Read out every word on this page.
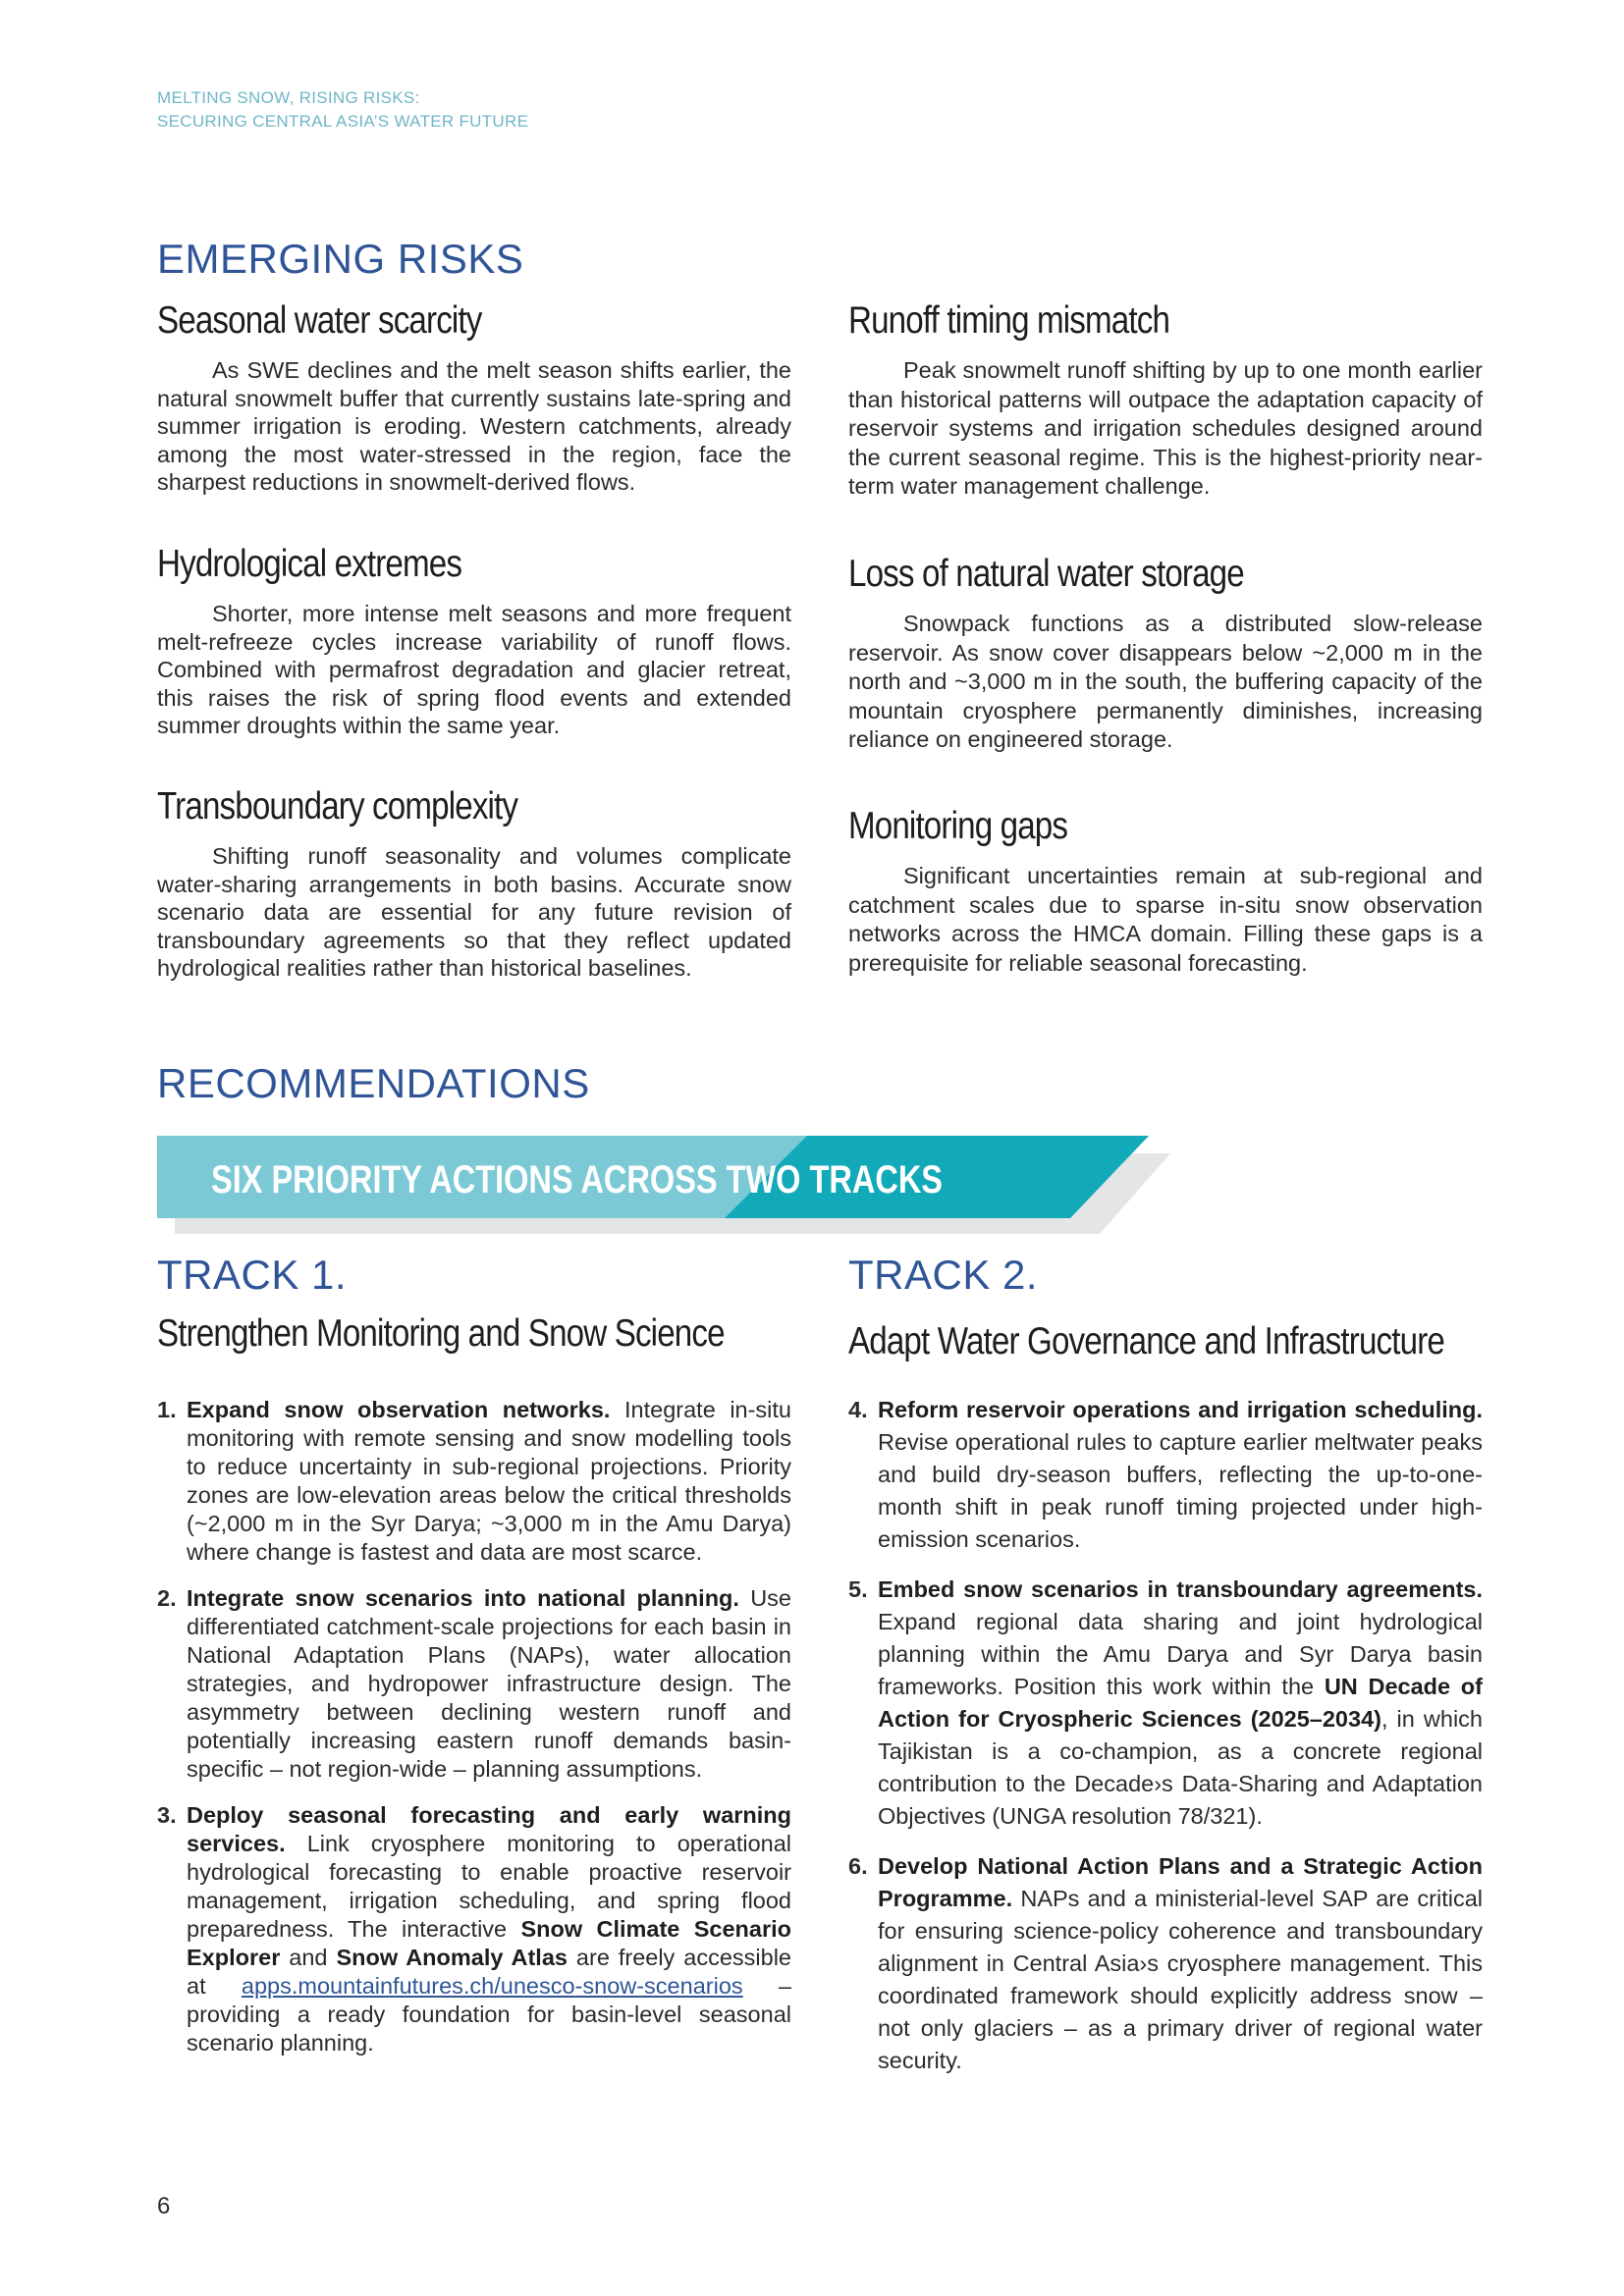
MELTING SNOW, RISING RISKS:
SECURING CENTRAL ASIA’S WATER FUTURE
EMERGING RISKS
Seasonal water scarcity

As SWE declines and the melt season shifts earlier, the natural snowmelt buffer that currently sustains late-spring and summer irrigation is eroding. Western catchments, already among the most water-stressed in the region, face the sharpest reductions in snowmelt-derived flows.

Hydrological extremes

Shorter, more intense melt seasons and more frequent melt-refreeze cycles increase variability of runoff flows. Combined with permafrost degradation and glacier retreat, this raises the risk of spring flood events and extended summer droughts within the same year.

Transboundary complexity

Shifting runoff seasonality and volumes complicate water-sharing arrangements in both basins. Accurate snow scenario data are essential for any future revision of transboundary agreements so that they reflect updated hydrological realities rather than historical baselines.

Runoff timing mismatch

Peak snowmelt runoff shifting by up to one month earlier than historical patterns will outpace the adaptation capacity of reservoir systems and irrigation schedules designed around the current seasonal regime. This is the highest-priority near-term water management challenge.

Loss of natural water storage

Snowpack functions as a distributed slow-release reservoir. As snow cover disappears below ~2,000 m in the north and ~3,000 m in the south, the buffering capacity of the mountain cryosphere permanently diminishes, increasing reliance on engineered storage.

Monitoring gaps

Significant uncertainties remain at sub-regional and catchment scales due to sparse in-situ snow observation networks across the HMCA domain. Filling these gaps is a prerequisite for reliable seasonal forecasting.

RECOMMENDATIONS
SIX PRIORITY ACTIONS ACROSS TWO TRACKS
TRACK 1.
Strengthen Monitoring and Snow Science
TRACK 2.
Adapt Water Governance and Infrastructure
1. Expand snow observation networks. Integrate in-situ monitoring with remote sensing and snow modelling tools to reduce uncertainty in sub-regional projections. Priority zones are low-elevation areas below the critical thresholds (~2,000 m in the Syr Darya; ~3,000 m in the Amu Darya) where change is fastest and data are most scarce.
2. Integrate snow scenarios into national planning. Use differentiated catchment-scale projections for each basin in National Adaptation Plans (NAPs), water allocation strategies, and hydropower infrastructure design. The asymmetry between declining western runoff and potentially increasing eastern runoff demands basin-specific – not region-wide – planning assumptions.
3. Deploy seasonal forecasting and early warning services. Link cryosphere monitoring to operational hydrological forecasting to enable proactive reservoir management, irrigation scheduling, and spring flood preparedness. The interactive Snow Climate Scenario Explorer and Snow Anomaly Atlas are freely accessible at apps.mountainfutures.ch/unesco-snow-scenarios – providing a ready foundation for basin-level seasonal scenario planning.
4. Reform reservoir operations and irrigation scheduling. Revise operational rules to capture earlier meltwater peaks and build dry-season buffers, reflecting the up-to-one-month shift in peak runoff timing projected under high-emission scenarios.
5. Embed snow scenarios in transboundary agreements. Expand regional data sharing and joint hydrological planning within the Amu Darya and Syr Darya basin frameworks. Position this work within the UN Decade of Action for Cryospheric Sciences (2025–2034), in which Tajikistan is a co-champion, as a concrete regional contribution to the Decade›s Data-Sharing and Adaptation Objectives (UNGA resolution 78/321).
6. Develop National Action Plans and a Strategic Action Programme. NAPs and a ministerial-level SAP are critical for ensuring science-policy coherence and transboundary alignment in Central Asia›s cryosphere management. This coordinated framework should explicitly address snow – not only glaciers – as a primary driver of regional water security.
6
